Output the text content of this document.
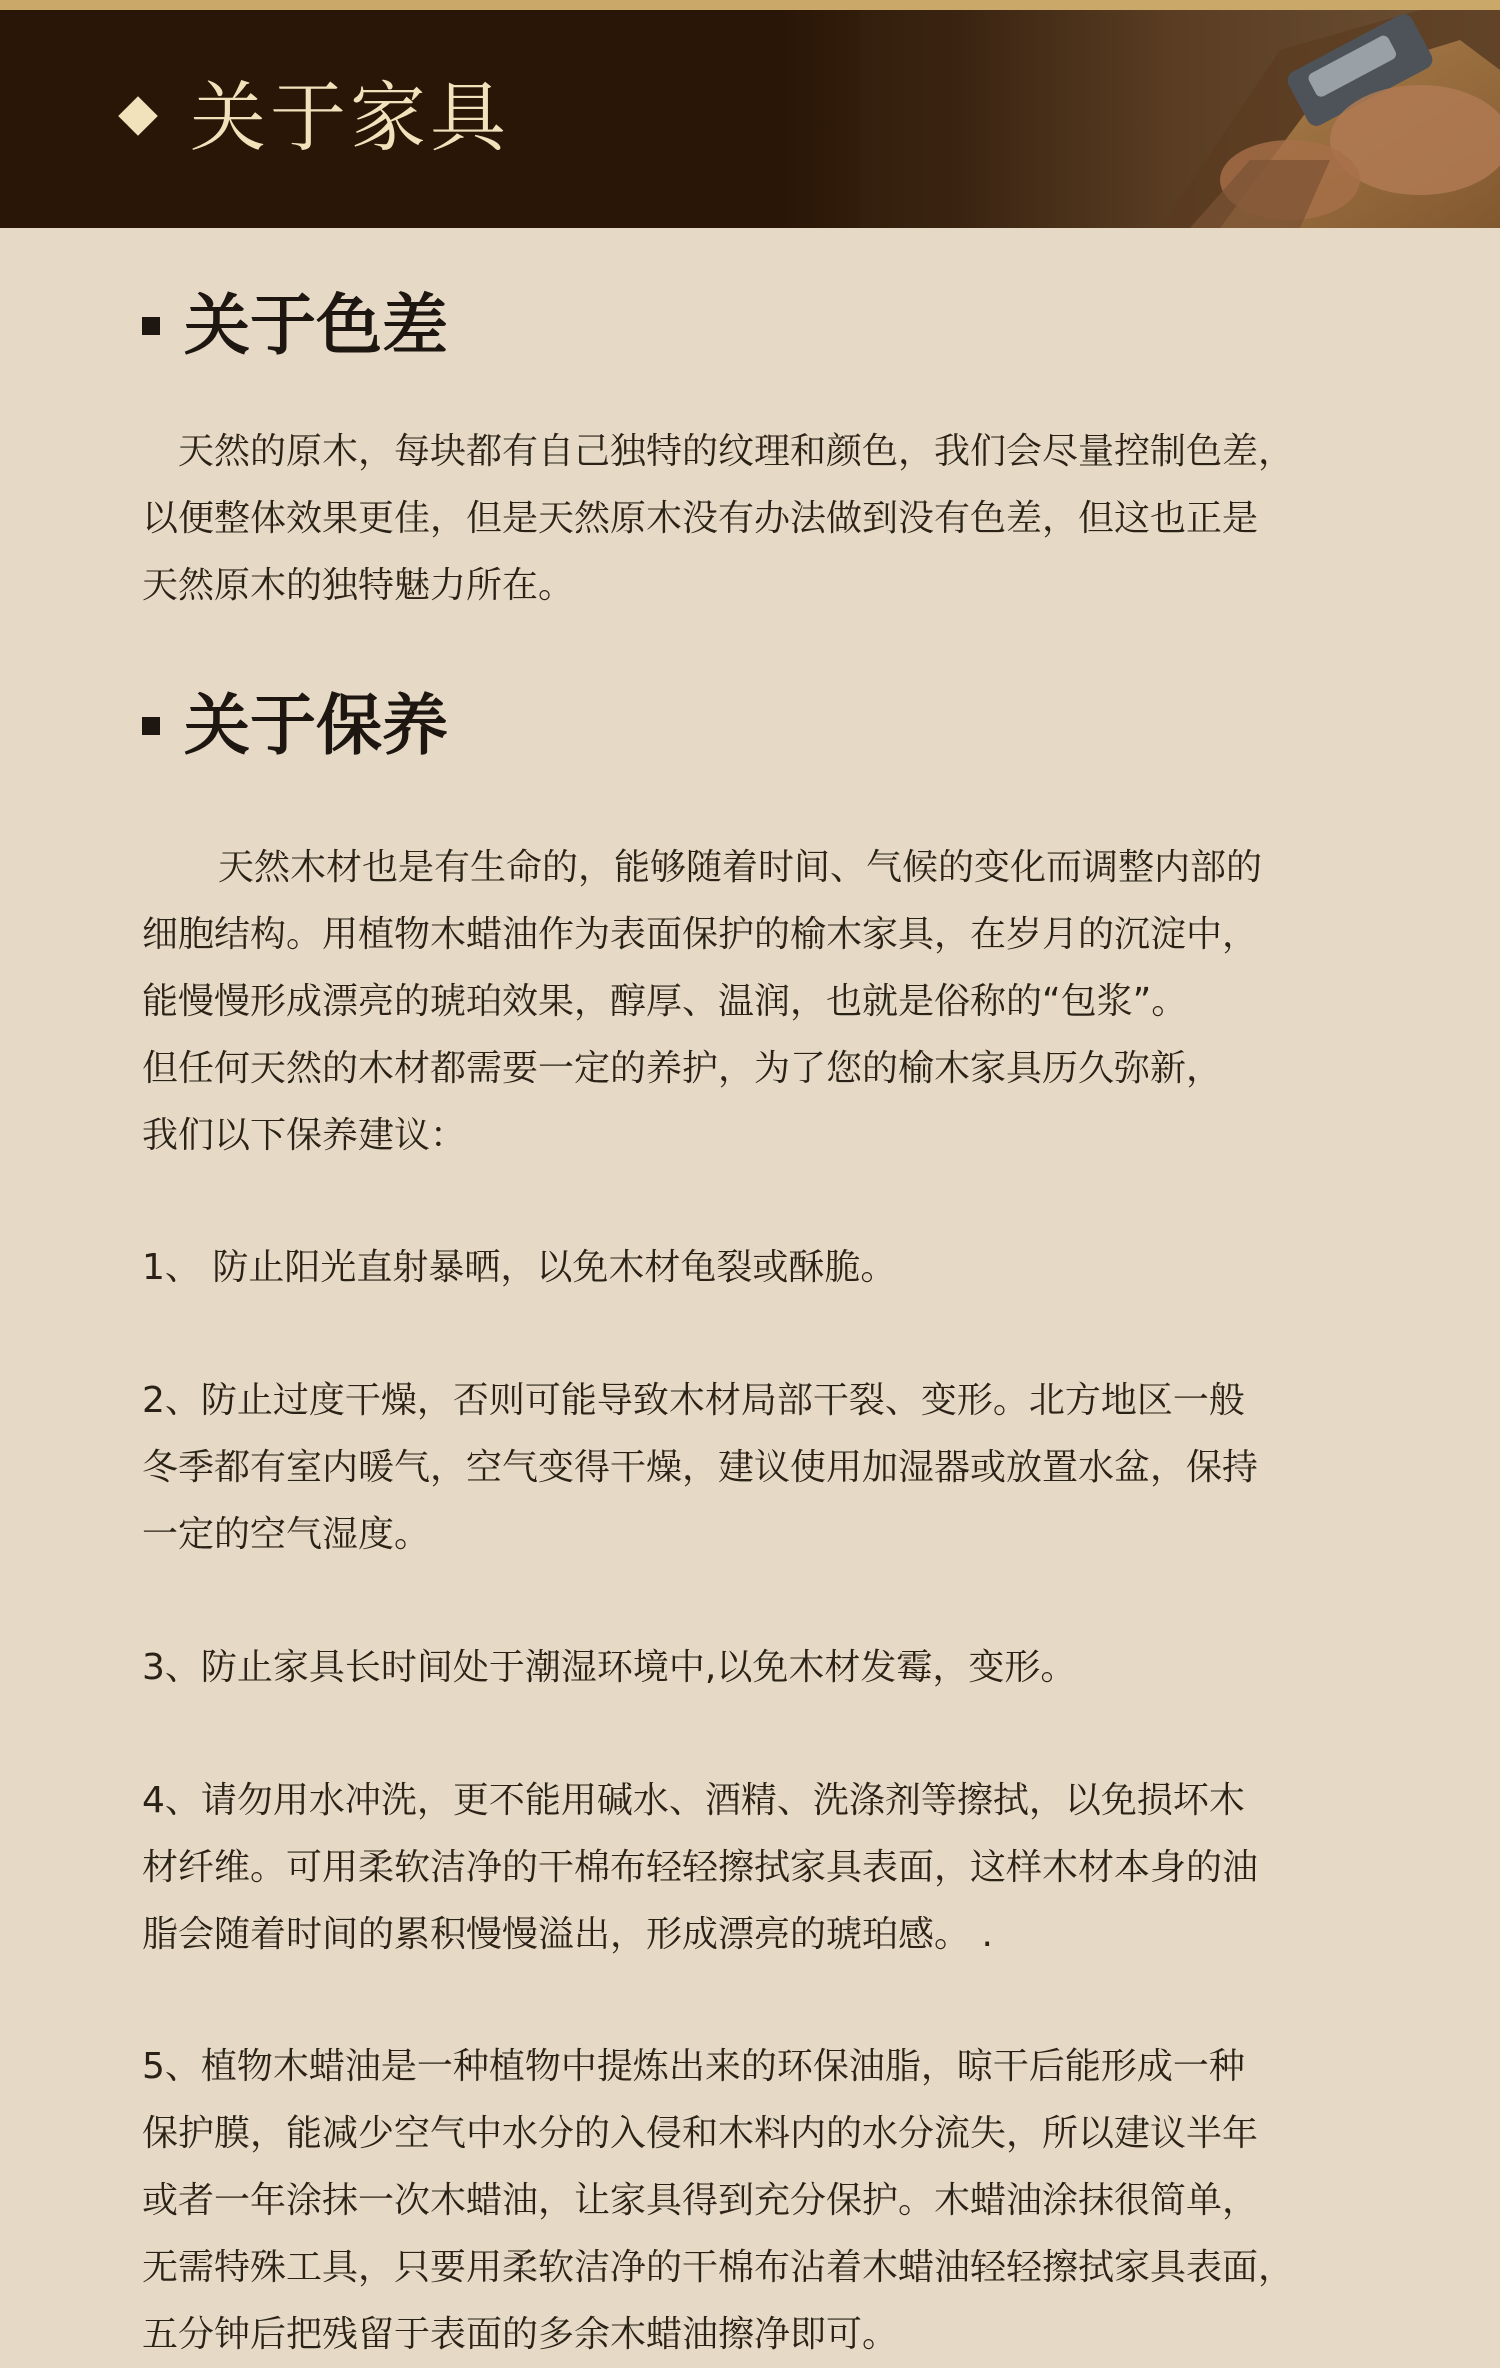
关于家具
关于色差
天然的原木，每块都有自己独特的纹理和颜色，我们会尽量控制色差，
以便整体效果更佳，但是天然原木没有办法做到没有色差，但这也正是
天然原木的独特魅力所在。
关于保养
天然木材也是有生命的，能够随着时间、气候的变化而调整内部的
细胞结构。用植物木蜡油作为表面保护的榆木家具，在岁月的沉淀中，
能慢慢形成漂亮的琥珀效果，醇厚、温润，也就是俗称的“包浆”。
但任何天然的木材都需要一定的养护，为了您的榆木家具历久弥新，
我们以下保养建议：
1、 防止阳光直射暴晒，以免木材龟裂或酥脆。
2、防止过度干燥，否则可能导致木材局部干裂、变形。北方地区一般
冬季都有室内暖气，空气变得干燥，建议使用加湿器或放置水盆，保持
一定的空气湿度。
3、防止家具长时间处于潮湿环境中,以免木材发霉，变形。
4、请勿用水冲洗，更不能用碱水、酒精、洗涤剂等擦拭，以免损坏木
材纤维。可用柔软洁净的干棉布轻轻擦拭家具表面，这样木材本身的油
脂会随着时间的累积慢慢溢出，形成漂亮的琥珀感。 .
5、植物木蜡油是一种植物中提炼出来的环保油脂，晾干后能形成一种
保护膜，能减少空气中水分的入侵和木料内的水分流失，所以建议半年
或者一年涂抹一次木蜡油，让家具得到充分保护。木蜡油涂抹很简单，
无需特殊工具，只要用柔软洁净的干棉布沾着木蜡油轻轻擦拭家具表面，
五分钟后把残留于表面的多余木蜡油擦净即可。
